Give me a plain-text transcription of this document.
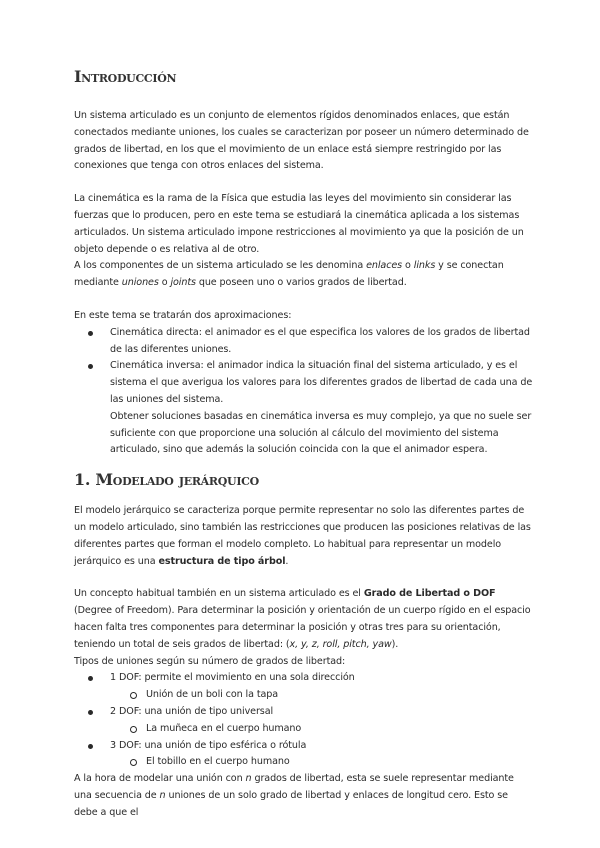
Introducción

Un sistema articulado es un conjunto de elementos rígidos denominados enlaces, que están conectados mediante uniones, los cuales se caracterizan por poseer un número determinado de grados de libertad, en los que el movimiento de un enlace está siempre restringido por las conexiones que tenga con otros enlaces del sistema.

La cinemática es la rama de la Física que estudia las leyes del movimiento sin considerar las fuerzas que lo producen, pero en este tema se estudiará la cinemática aplicada a los sistemas articulados. Un sistema articulado impone restricciones al movimiento ya que la posición de un objeto depende o es relativa al de otro.

A los componentes de un sistema articulado se les denomina enlaces o links y se conectan mediante uniones o joints que poseen uno o varios grados de libertad.

En este tema se tratarán dos aproximaciones:

Cinemática directa: el animador es el que especifica los valores de los grados de libertad de las diferentes uniones.

Cinemática inversa: el animador indica la situación final del sistema articulado, y es el sistema el que averigua los valores para los diferentes grados de libertad de cada una de las uniones del sistema.

Obtener soluciones basadas en cinemática inversa es muy complejo, ya que no suele ser suficiente con que proporcione una solución al cálculo del movimiento del sistema articulado, sino que además la solución coincida con la que el animador espera.

1. Modelado jerárquico

El modelo jerárquico se caracteriza porque permite representar no solo las diferentes partes de un modelo articulado, sino también las restricciones que producen las posiciones relativas de las diferentes partes que forman el modelo completo. Lo habitual para representar un modelo jerárquico es una estructura de tipo árbol.

Un concepto habitual también en un sistema articulado es el Grado de Libertad o DOF (Degree of Freedom). Para determinar la posición y orientación de un cuerpo rígido en el espacio hacen falta tres componentes para determinar la posición y otras tres para su orientación, teniendo un total de seis grados de libertad: (x, y, z, roll, pitch, yaw).

Tipos de uniones según su número de grados de libertad:

1 DOF: permite el movimiento en una sola dirección

Unión de un boli con la tapa

2 DOF: una unión de tipo universal

La muñeca en el cuerpo humano

3 DOF: una unión de tipo esférica o rótula

El tobillo en el cuerpo humano

A la hora de modelar una unión con n grados de libertad, esta se suele representar mediante una secuencia de n uniones de un solo grado de libertad y enlaces de longitud cero. Esto se debe a que el
